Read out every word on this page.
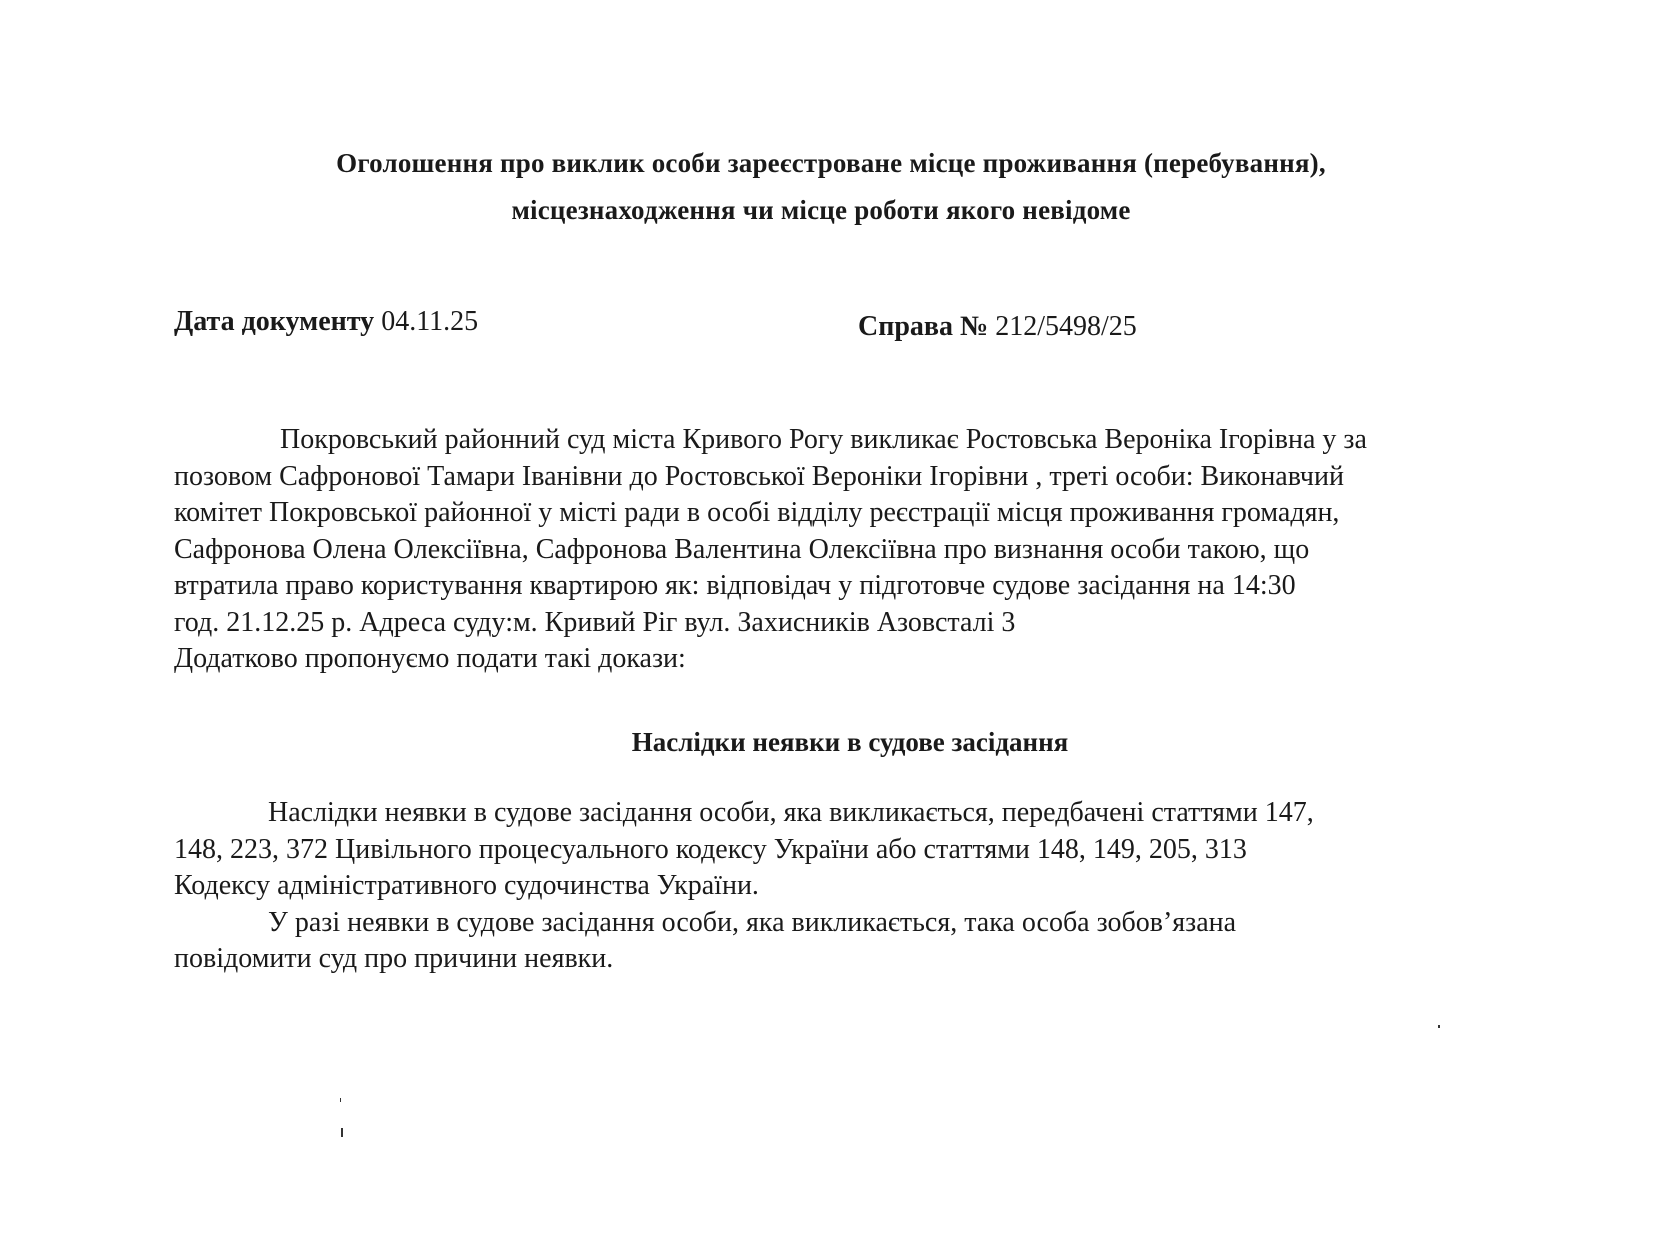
Оголошення про виклик особи зареєстроване місце проживання (перебування),
місцезнаходження чи місце роботи якого невідоме
Дата документу 04.11.25	Справа № 212/5498/25
Покровський районний суд міста Кривого Рогу викликає Ростовська Вероніка Ігорівна у за
позовом Сафронової Тамари Іванівни до Ростовської Вероніки Ігорівни , треті особи: Виконавчий
комітет Покровської районної у місті ради в особі відділу реєстрації місця проживання громадян,
Сафронова Олена Олексіївна, Сафронова Валентина Олексіївна про визнання особи такою, що
втратила право користування квартирою як: відповідач у підготовче судове засідання на 14:30
год. 21.12.25 р. Адреса суду:м. Кривий Ріг вул. Захисників Азовсталі 3
Додатково пропонуємо подати такі докази:
Наслідки неявки в судове засідання
Наслідки неявки в судове засідання особи, яка викликається, передбачені статтями 147,
148, 223, 372 Цивільного процесуального кодексу України або статтями 148, 149, 205, 313
Кодексу адміністративного судочинства України.
У разі неявки в судове засідання особи, яка викликається, така особа зобов’язана
повідомити суд про причини неявки.
